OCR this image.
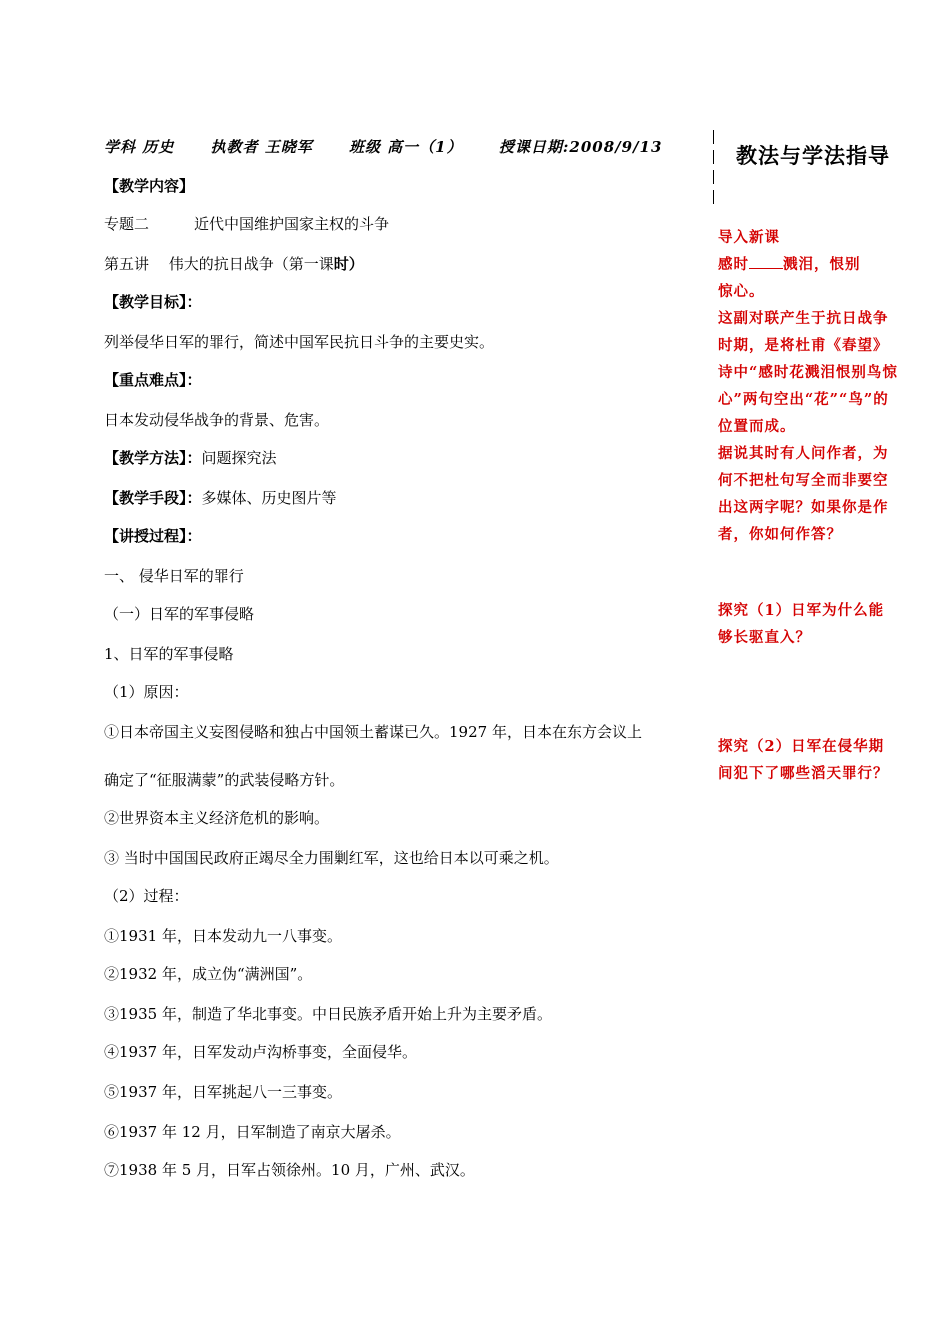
学科 历史 执教者 王晓军 班级 高一（1） 授课日期:2008/9/13
【教学内容】
专题二　　　近代中国维护国家主权的斗争
第五讲　 伟大的抗日战争（第一课时）
【教学目标】：
列举侵华日军的罪行，简述中国军民抗日斗争的主要史实。
【重点难点】：
日本发动侵华战争的背景、危害。
【教学方法】：问题探究法
【教学手段】：多媒体、历史图片等
【讲授过程】：
一、 侵华日军的罪行
（一）日军的军事侵略
1、日军的军事侵略
（1）原因：
①日本帝国主义妄图侵略和独占中国领土蓄谋已久。1927 年，日本在东方会议上
确定了“征服满蒙”的武装侵略方针。
②世界资本主义经济危机的影响。
③ 当时中国国民政府正竭尽全力围剿红军，这也给日本以可乘之机。
（2）过程：
①1931 年，日本发动九一八事变。
②1932 年，成立伪“满洲国”。
③1935 年，制造了华北事变。中日民族矛盾开始上升为主要矛盾。
④1937 年，日军发动卢沟桥事变，全面侵华。
⑤1937 年，日军挑起八一三事变。
⑥1937 年 12 月，日军制造了南京大屠杀。
⑦1938 年 5 月，日军占领徐州。10 月，广州、武汉。
教法与学法指导
导入新课
感时 溅泪，恨别
惊心。
这副对联产生于抗日战争时期，是将杜甫《春望》诗中“感时花溅泪恨别鸟惊心”两句空出“花”“鸟”的位置而成。
据说其时有人问作者，为何不把杜句写全而非要空出这两字呢？如果你是作者，你如何作答？
探究（1）日军为什么能够长驱直入？
探究（2）日军在侵华期间犯下了哪些滔天罪行？
